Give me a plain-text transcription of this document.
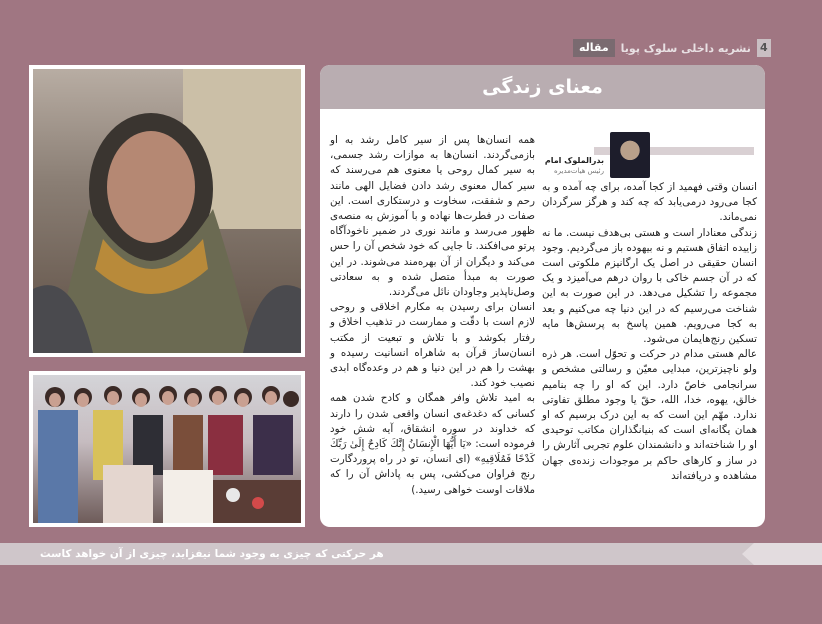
4
نشریه داخلی سلوک پویا
مقاله
معنای زندگی
بدرالملوک امام
رئیس هیات‌مدیره

انسان وقتی فهمید از کجا آمده، برای چه آمده و به کجا می‌رود درمی‌یابد که چه کند و هرگز سرگردان نمی‌ماند.

زندگی معنادار است و هستی بی‌هدف نیست. ما نه زاییده اتفاق هستیم و نه بیهوده باز می‌گردیم. وجود انسان حقیقی در اصل یک ارگانیزم ملکوتی است که در آن جسم خاکی با روان درهم می‌آمیزد و یک مجموعه را تشکیل می‌دهد. در این صورت به این شناخت می‌رسیم که در این دنیا چه می‌کنیم و بعد به کجا می‌رویم. همین پاسخ به پرسش‌ها مایه تسکین رنج‌هایمان می‌شود.

عالم هستی مدام در حرکت و تحوّل است. هر ذره ولو ناچیزترین، مبدایی معیّن و رسالتی مشخص و سرانجامی خاصّ دارد. این که او را چه بنامیم خالق، یهوه، خدا، الله، حقّ یا وجود مطلق تفاوتی ندارد. مهّم این است که به این درک برسیم که او همان یگانه‌ای است که بنیانگذاران مکاتب توحیدی او را شناخته‌اند و دانشمندان علوم تجربی آثارش را در ساز و کارهای حاکم بر موجودات زنده‌ی جهان مشاهده و دریافته‌اند

همه انسان‌ها پس از سیر کامل رشد به او بازمی‌گردند. انسان‌ها به موازات رشد جسمی، به سیر کمال روحی یا معنوی هم می‌رسند که سیر کمال معنوی رشد دادن فضایل الهی مانند رحم و شفقت، سخاوت و درستکاری است. این صفات در فطرت‌ها نهاده و با آموزش به منصه‌ی ظهور می‌رسد و مانند نوری در ضمیر ناخودآگاه پرتو می‌افکند. تا جایی که خود شخص آن را حس می‌کند و دیگران از آن بهره‌مند می‌شوند. در این صورت به مبدأ متصل شده و به سعادتی وصل‌ناپذیر وجاودان نائل می‌گردند.

انسان برای رسیدن به مکارم اخلاقی و روحی لازم است با دقّت و ممارست در تذهیب اخلاق و رفتار بکوشد و با تلاش و تبعیت از مکتب انسان‌ساز قرآن به شاهراه انسانیت رسیده و بهشت را هم در این دنیا و هم در وعده‌گاه ابدی نصیب خود کند.

به امید تلاش وافر همگان و کادح شدن همه کسانی که دغدغه‌ی انسان واقعی شدن را دارند که خداوند در سوره انشقاق، آیه شش خود فرموده است: «يَا أَيُّهَا الْإِنسَانُ إِنَّكَ كَادِحٌ إِلَىٰ رَبِّكَ كَدْحًا فَمُلَاقِيهِ» (ای انسان، تو در راه پروردگارت رنج فراوان می‌کشی، پس به پاداش آن را که ملاقات اوست خواهی رسید.)

هر حرکتی که چیزی به وجود شما نیفزاید، چیزی از آن خواهد کاست
